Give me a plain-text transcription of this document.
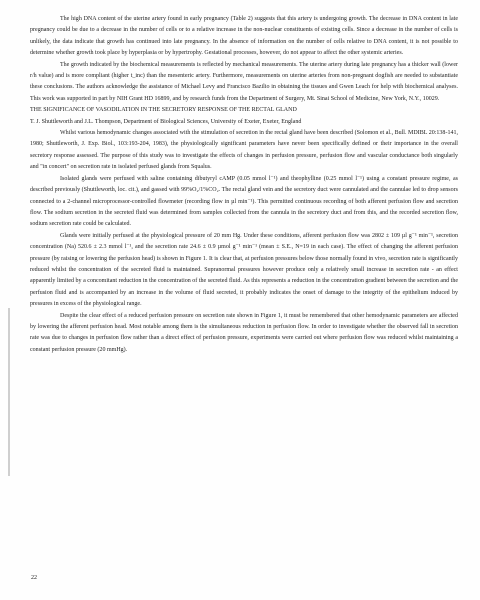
The high DNA content of the uterine artery found in early pregnancy (Table 2) suggests that this artery is undergoing growth. The decrease in DNA content in late pregnancy could be due to a decrease in the number of cells or to a relative increase in the non-nuclear constituents of existing cells. Since a decrease in the number of cells is unlikely, the data indicate that growth has continued into late pregnancy. In the absence of information on the number of cells relative to DNA content, it is not possible to determine whether growth took place by hyperplasia or by hypertrophy. Gestational processes, however, do not appear to affect the other systemic arteries.

The growth indicated by the biochemical measurements is reflected by mechanical measurements. The uterine artery during late pregnancy has a thicker wall (lower r/h value) and is more compliant (higher t_inc) than the mesenteric artery. Furthermore, measurements on uterine arteries from non-pregnant dogfish are needed to substantiate these conclusions. The authors acknowledge the assistance of Michael Levy and Francisco Bazilio in obtaining the tissues and Gwen Leach for help with biochemical analyses. This work was supported in part by NIH Grant HD 16899, and by research funds from the Department of Surgery, Mt. Sinai School of Medicine, New York, N.Y., 10029.

THE SIGNIFICANCE OF VASODILATION IN THE SECRETORY RESPONSE OF THE RECTAL GLAND

T. J. Shuttleworth and J.L. Thompson, Department of Biological Sciences, University of Exeter, Exeter, England

Whilst various hemodynamic changes associated with the stimulation of secretion in the rectal gland have been described (Solomon et al., Bull. MDIBL 20:138-141, 1980; Shuttleworth, J. Exp. Biol., 103:193-204, 1983), the physiologically significant parameters have never been specifically defined or their importance in the overall secretory response assessed. The purpose of this study was to investigate the effects of changes in perfusion pressure, perfusion flow and vascular conductance both singularly and "in concert" on secretion rate in isolated perfused glands from Squalus.

Isolated glands were perfused with saline containing dibutyryl cAMP (0.05 mmol l⁻¹) and theophylline (0.25 mmol l⁻¹) using a constant pressure regime, as described previously (Shuttleworth, loc. cit.), and gassed with 99%O₂/1%CO₂. The rectal gland vein and the secretory duct were cannulated and the cannulae led to drop sensors connected to a 2-channel microprocessor-controlled flowmeter (recording flow in µl min⁻¹). This permitted continuous recording of both afferent perfusion flow and secretion flow. The sodium secretion in the secreted fluid was determined from samples collected from the cannula in the secretory duct and from this, and the recorded secretion flow, sodium secretion rate could be calculated.

Glands were initially perfused at the physiological pressure of 20 mm Hg. Under these conditions, afferent perfusion flow was 2802 ± 109 µl g⁻¹ min⁻¹, secretion concentration (Na) 520.6 ± 2.3 mmol l⁻¹, and the secretion rate 24.6 ± 0.9 µmol g⁻¹ min⁻¹ (mean ± S.E., N=19 in each case). The effect of changing the afferent perfusion pressure (by raising or lowering the perfusion head) is shown in Figure 1. It is clear that, at perfusion pressures below those normally found in vivo, secretion rate is significantly reduced whilst the concentration of the secreted fluid is maintained. Supranormal pressures however produce only a relatively small increase in secretion rate - an effect apparently limited by a concomitant reduction in the concentration of the secreted fluid. As this represents a reduction in the concentration gradient between the secretion and the perfusion fluid and is accompanied by an increase in the volume of fluid secreted, it probably indicates the onset of damage to the integrity of the epithelium induced by pressures in excess of the physiological range.

Despite the clear effect of a reduced perfusion pressure on secretion rate shown in Figure 1, it must be remembered that other hemodynamic parameters are affected by lowering the afferent perfusion head. Most notable among them is the simultaneous reduction in perfusion flow. In order to investigate whether the observed fall in secretion rate was due to changes in perfusion flow rather than a direct effect of perfusion pressure, experiments were carried out where perfusion flow was reduced whilst maintaining a constant perfusion pressure (20 mmHg).

22
